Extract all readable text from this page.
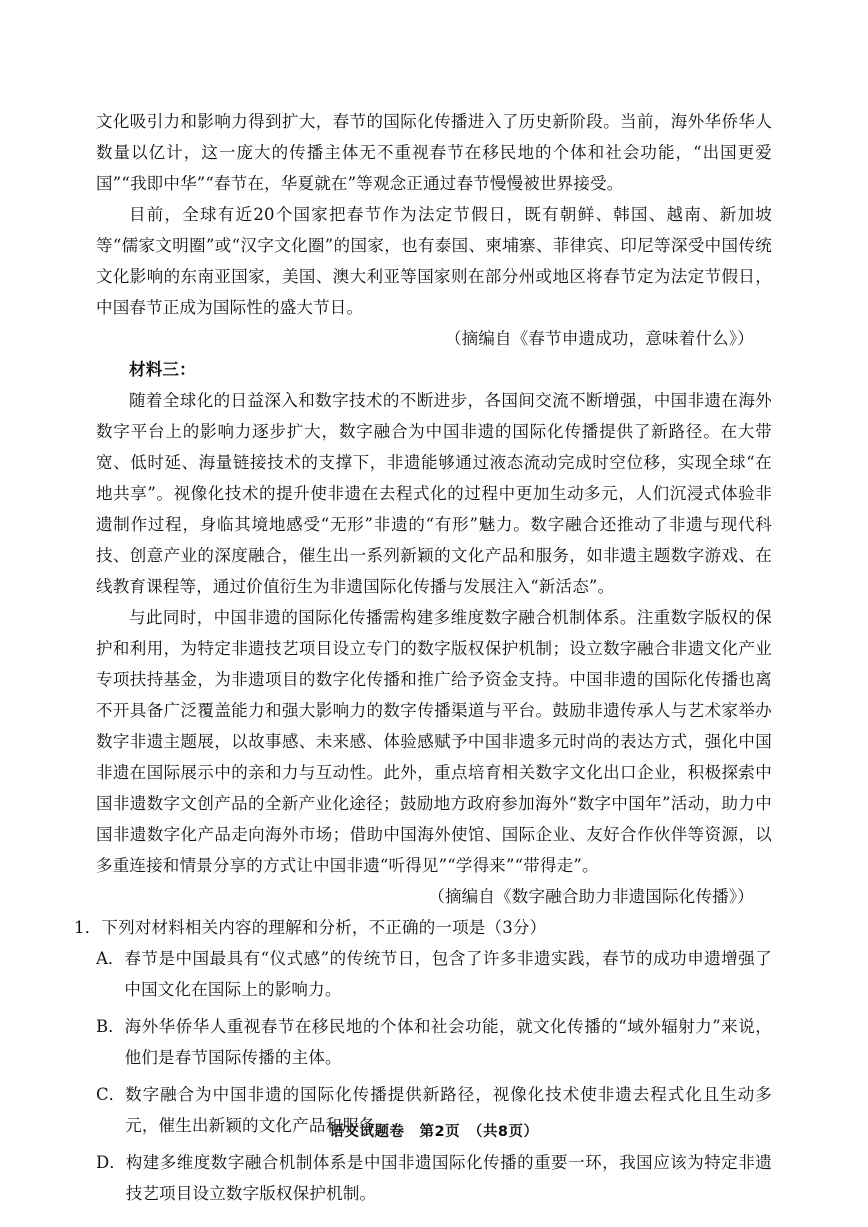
文化吸引力和影响力得到扩大，春节的国际化传播进入了历史新阶段。当前，海外华侨华人数量以亿计，这一庞大的传播主体无不重视春节在移民地的个体和社会功能，“出国更爱国”“我即中华”“春节在，华夏就在”等观念正通过春节慢慢被世界接受。

目前，全球有近20个国家把春节作为法定节假日，既有朝鲜、韩国、越南、新加坡等“儒家文明圈”或“汉字文化圈”的国家，也有泰国、柬埔寨、菲律宾、印尼等深受中国传统文化影响的东南亚国家，美国、澳大利亚等国家则在部分州或地区将春节定为法定节假日，中国春节正成为国际性的盛大节日。

（摘编自《春节申遗成功，意味着什么》）

材料三：

随着全球化的日益深入和数字技术的不断进步，各国间交流不断增强，中国非遗在海外数字平台上的影响力逐步扩大，数字融合为中国非遗的国际化传播提供了新路径。在大带宽、低时延、海量链接技术的支撑下，非遗能够通过液态流动完成时空位移，实现全球“在地共享”。视像化技术的提升使非遗在去程式化的过程中更加生动多元，人们沉浸式体验非遗制作过程，身临其境地感受“无形”非遗的“有形”魅力。数字融合还推动了非遗与现代科技、创意产业的深度融合，催生出一系列新颖的文化产品和服务，如非遗主题数字游戏、在线教育课程等，通过价值衍生为非遗国际化传播与发展注入“新活态”。

与此同时，中国非遗的国际化传播需构建多维度数字融合机制体系。注重数字版权的保护和利用，为特定非遗技艺项目设立专门的数字版权保护机制；设立数字融合非遗文化产业专项扶持基金，为非遗项目的数字化传播和推广给予资金支持。中国非遗的国际化传播也离不开具备广泛覆盖能力和强大影响力的数字传播渠道与平台。鼓励非遗传承人与艺术家举办数字非遗主题展，以故事感、未来感、体验感赋予中国非遗多元时尚的表达方式，强化中国非遗在国际展示中的亲和力与互动性。此外，重点培育相关数字文化出口企业，积极探索中国非遗数字文创产品的全新产业化途径；鼓励地方政府参加海外“数字中国年”活动，助力中国非遗数字化产品走向海外市场；借助中国海外使馆、国际企业、友好合作伙伴等资源，以多重连接和情景分享的方式让中国非遗“听得见”“学得来”“带得走”。

（摘编自《数字融合助力非遗国际化传播》）

1．下列对材料相关内容的理解和分析，不正确的一项是（3分）

A． 春节是中国最具有“仪式感”的传统节日，包含了许多非遗实践，春节的成功申遗增强了中国文化在国际上的影响力。
B． 海外华侨华人重视春节在移民地的个体和社会功能，就文化传播的“域外辐射力”来说，他们是春节国际传播的主体。
C． 数字融合为中国非遗的国际化传播提供新路径，视像化技术使非遗去程式化且生动多元，催生出新颖的文化产品和服务。
D． 构建多维度数字融合机制体系是中国非遗国际化传播的重要一环，我国应该为特定非遗技艺项目设立数字版权保护机制。
语文试题卷　第2页　（共8页）
